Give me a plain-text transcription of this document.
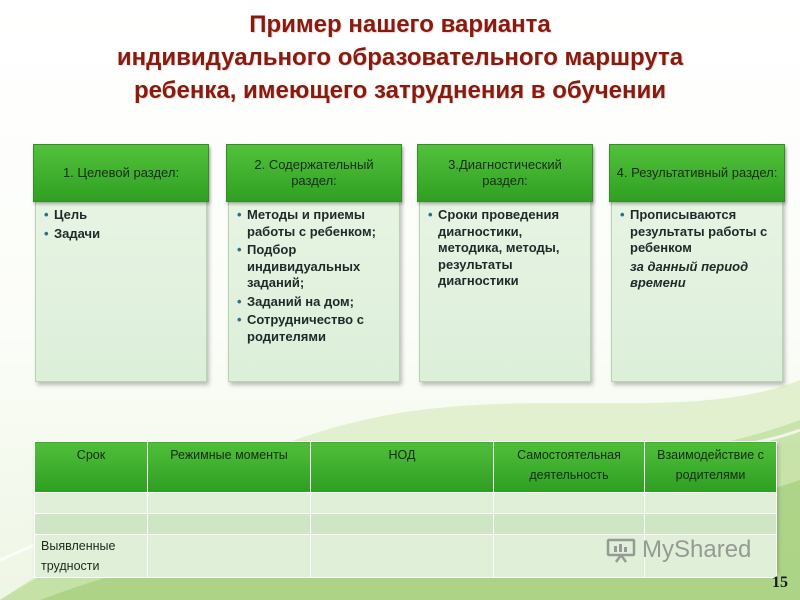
Пример нашего варианта
индивидуального образовательного маршрута
ребенка, имеющего затруднения в обучении
1. Целевой раздел:
• Цель
• Задачи
2. Содержательный раздел:
• Методы и приемы работы с ребенком;
• Подбор индивидуальных заданий;
• Заданий на дом;
• Сотрудничество с родителями
3.Диагностический раздел:
• Сроки проведения диагностики, методика, методы, результаты диагностики
4. Результативный раздел:
• Прописываются результаты работы с ребенком
за данный период времени
Срок	Режимные моменты	НОД	Самостоятельная деятельность	Взаимодействие с родителями

Выявленные трудности				
MyShared
15
